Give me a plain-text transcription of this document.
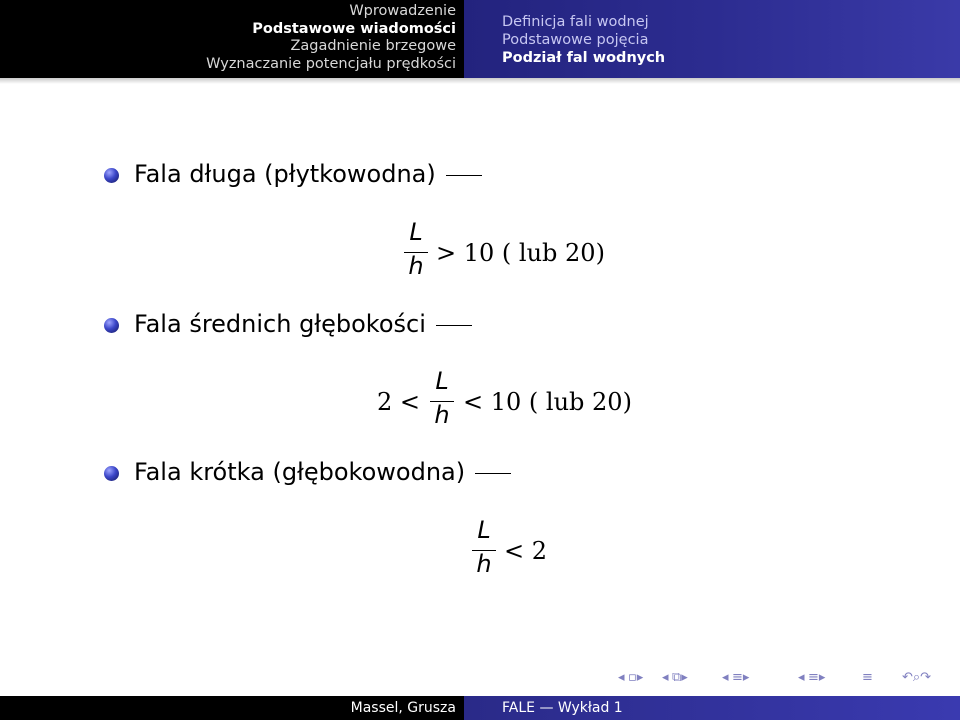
Wprowadzenie
Podstawowe wiadomości
Zagadnienie brzegowe
Wyznaczanie potencjału prędkości
Definicja fali wodnej
Podstawowe pojęcia
Podział fal wodnych
Fala długa (płytkowodna)
L
h > 10 ( lub 20)
Fala średnich głębokości
2 <
L
h < 10 ( lub 20)
Fala krótka (głębokowodna)
L
h < 2
◂ ▫▸ ◂ ⧉▸	◂ ≡▸	◂ ≡▸	≡ ↶⌕↷
Massel, Grusza	FALE — Wykład 1
